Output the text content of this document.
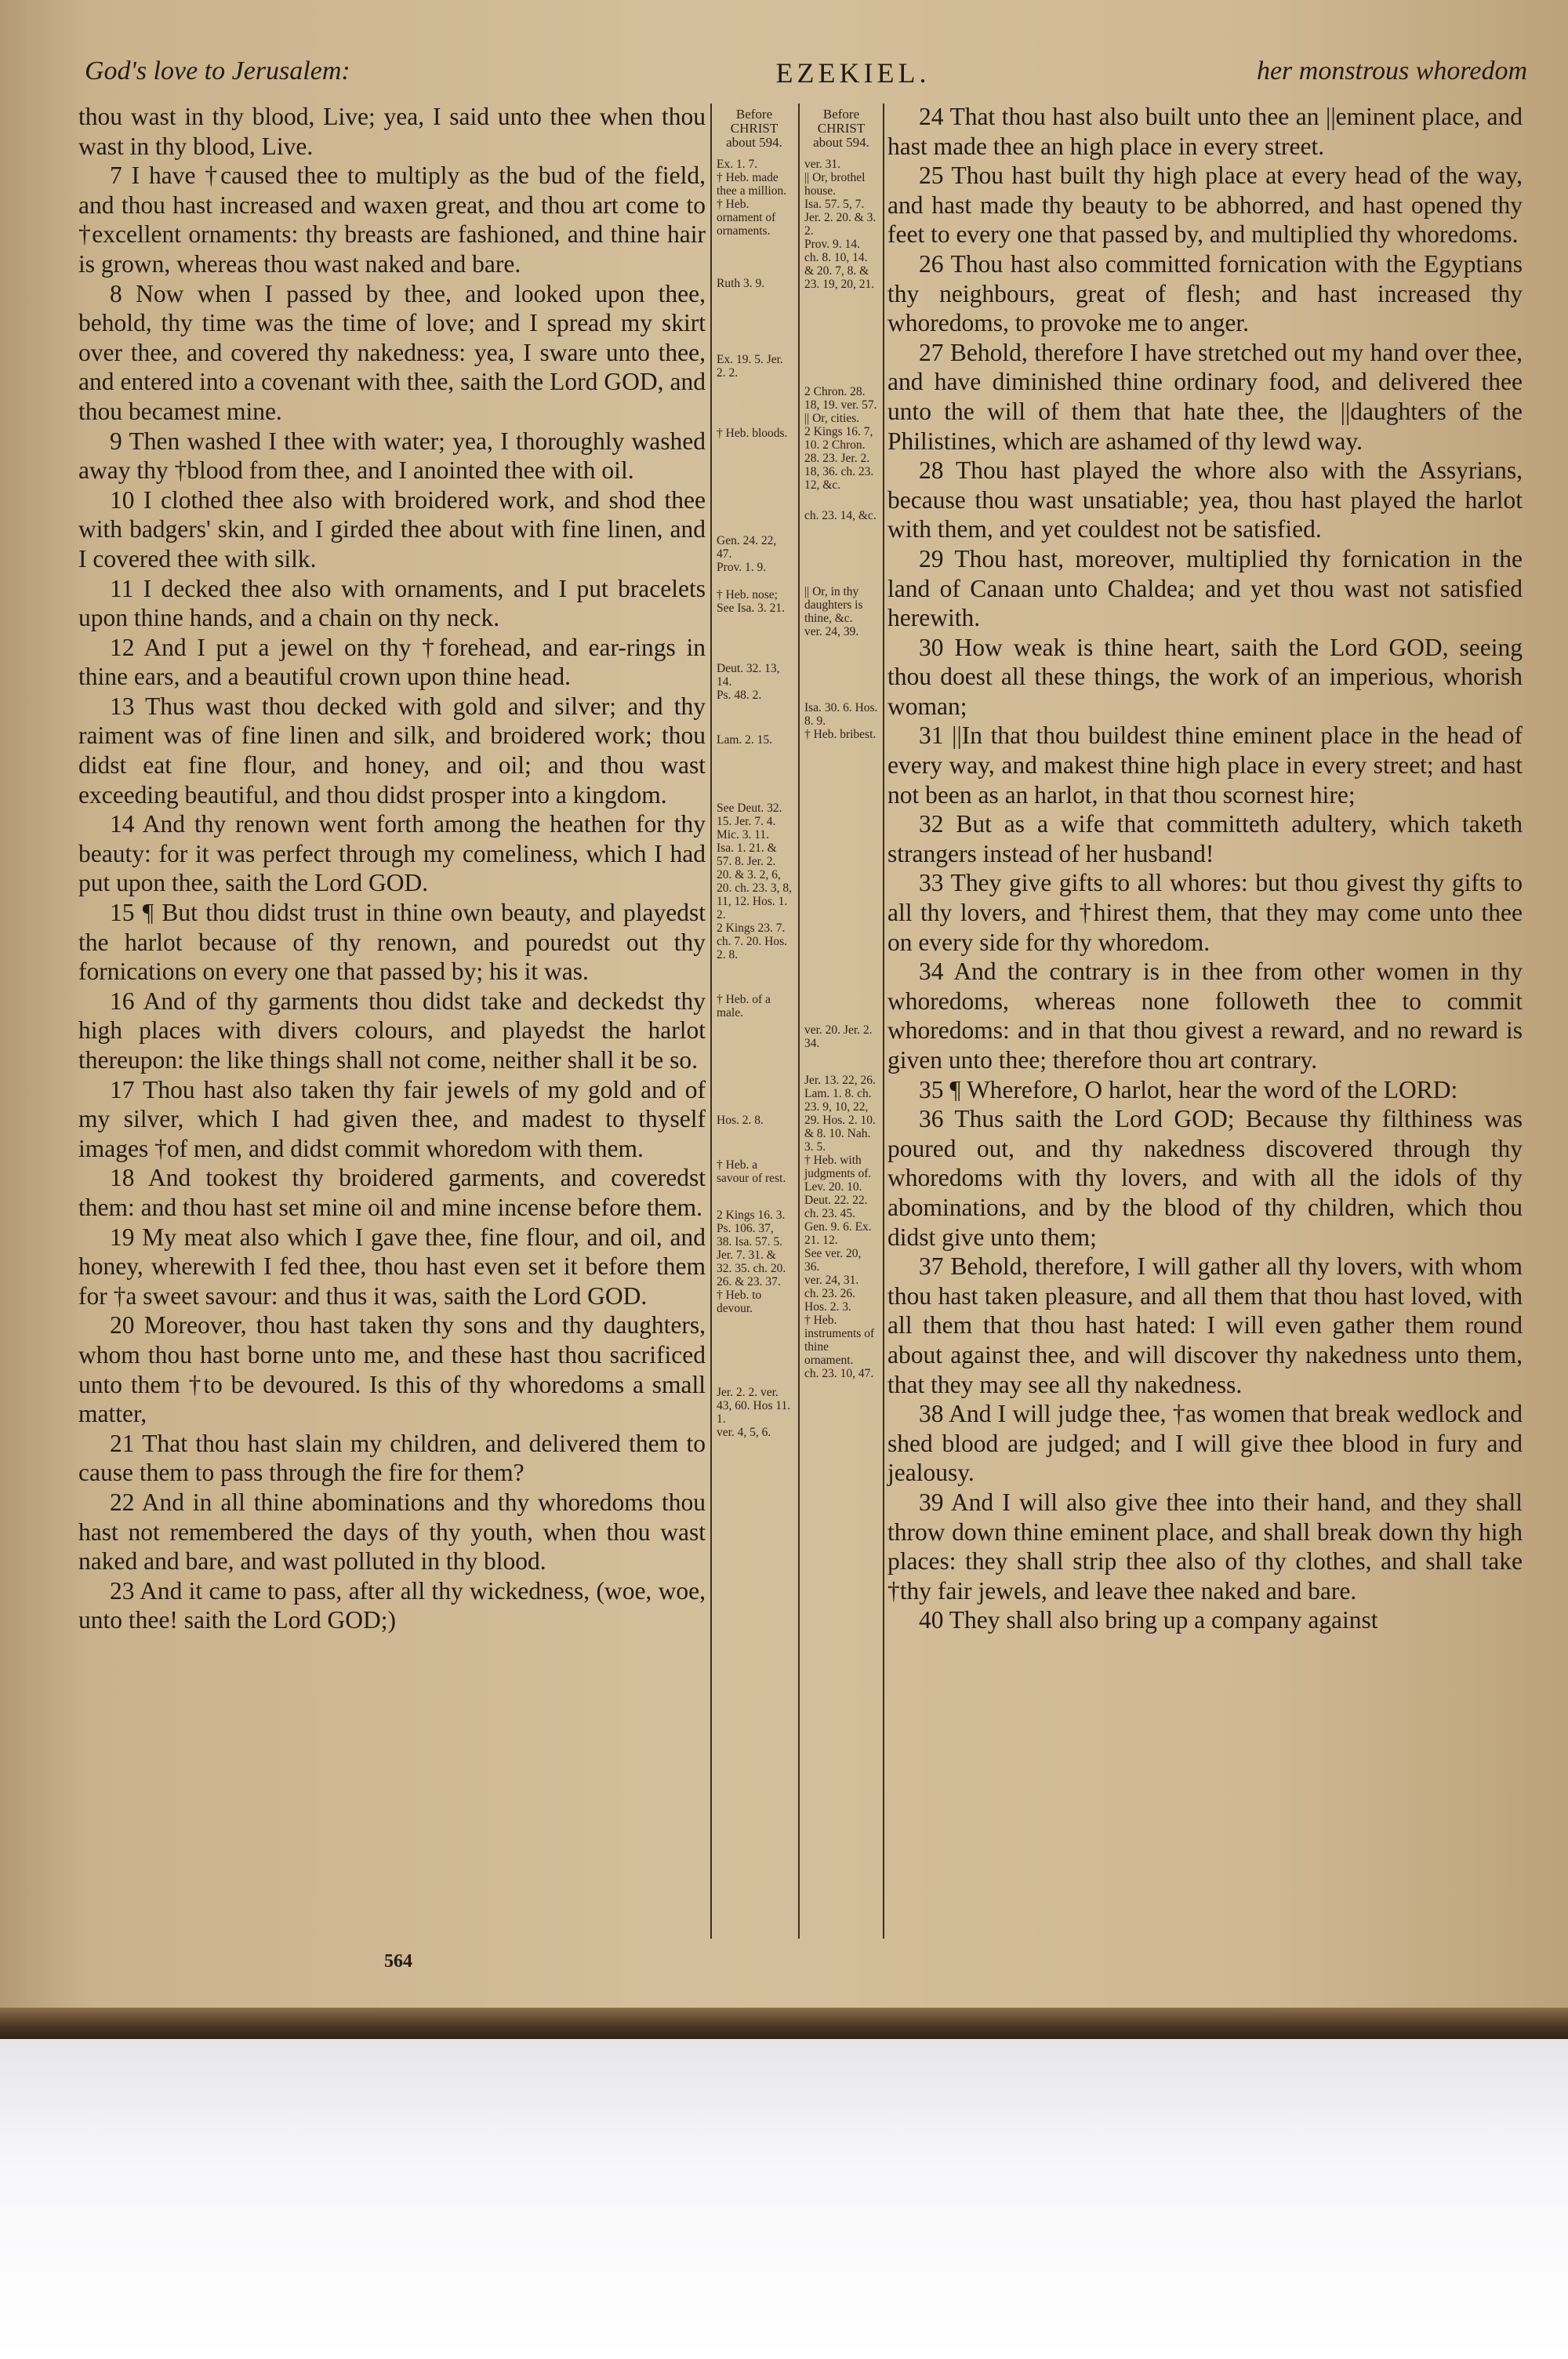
God's love to Jerusalem:	EZEKIEL.	her monstrous whoredom

thou wast in thy blood, Live; yea, I said unto thee when thou wast in thy blood, Live.

7 I have †caused thee to multiply as the bud of the field, and thou hast increased and waxen great, and thou art come to †excellent ornaments: thy breasts are fashioned, and thine hair is grown, whereas thou wast naked and bare.

8 Now when I passed by thee, and looked upon thee, behold, thy time was the time of love; and I spread my skirt over thee, and covered thy nakedness: yea, I sware unto thee, and entered into a covenant with thee, saith the Lord GOD, and thou becamest mine.

9 Then washed I thee with water; yea, I thoroughly washed away thy †blood from thee, and I anointed thee with oil.

10 I clothed thee also with broidered work, and shod thee with badgers' skin, and I girded thee about with fine linen, and I covered thee with silk.

11 I decked thee also with ornaments, and I put bracelets upon thine hands, and a chain on thy neck.

12 And I put a jewel on thy †forehead, and ear-rings in thine ears, and a beautiful crown upon thine head.

13 Thus wast thou decked with gold and silver; and thy raiment was of fine linen and silk, and broidered work; thou didst eat fine flour, and honey, and oil; and thou wast exceeding beautiful, and thou didst prosper into a kingdom.

14 And thy renown went forth among the heathen for thy beauty: for it was perfect through my comeliness, which I had put upon thee, saith the Lord GOD.

15 ¶ But thou didst trust in thine own beauty, and playedst the harlot because of thy renown, and pouredst out thy fornications on every one that passed by; his it was.

16 And of thy garments thou didst take and deckedst thy high places with divers colours, and playedst the harlot thereupon: the like things shall not come, neither shall it be so.

17 Thou hast also taken thy fair jewels of my gold and of my silver, which I had given thee, and madest to thyself images †of men, and didst commit whoredom with them.

18 And tookest thy broidered garments, and coveredst them: and thou hast set mine oil and mine incense before them.

19 My meat also which I gave thee, fine flour, and oil, and honey, wherewith I fed thee, thou hast even set it before them for †a sweet savour: and thus it was, saith the Lord GOD.

20 Moreover, thou hast taken thy sons and thy daughters, whom thou hast borne unto me, and these hast thou sacrificed unto them †to be devoured. Is this of thy whoredoms a small matter,

21 That thou hast slain my children, and delivered them to cause them to pass through the fire for them?

22 And in all thine abominations and thy whoredoms thou hast not remembered the days of thy youth, when thou wast naked and bare, and wast polluted in thy blood.

23 And it came to pass, after all thy wickedness, (woe, woe, unto thee! saith the Lord GOD;)

Before CHRIST about 594.

Ex. 1. 7.

† Heb. made thee a million.

† Heb. ornament of ornaments.

Ruth 3. 9.

Ex. 19. 5. Jer. 2. 2.

† Heb. bloods.

Gen. 24. 22, 47.

Prov. 1. 9.

† Heb. nose; See Isa. 3. 21.

Deut. 32. 13, 14.

Ps. 48. 2.

Lam. 2. 15.

See Deut. 32. 15. Jer. 7. 4. Mic. 3. 11.

Isa. 1. 21. & 57. 8. Jer. 2. 20. & 3. 2, 6, 20. ch. 23. 3, 8, 11, 12. Hos. 1. 2.

2 Kings 23. 7. ch. 7. 20. Hos. 2. 8.

† Heb. of a male.

Hos. 2. 8.

† Heb. a savour of rest.

2 Kings 16. 3. Ps. 106. 37, 38. Isa. 57. 5. Jer. 7. 31. & 32. 35. ch. 20. 26. & 23. 37.

† Heb. to devour.

Jer. 2. 2. ver. 43, 60. Hos 11. 1.

ver. 4, 5, 6.

Before CHRIST about 594.

ver. 31.

|| Or, brothel house.

Isa. 57. 5, 7. Jer. 2. 20. & 3. 2.

Prov. 9. 14.

ch. 8. 10, 14. & 20. 7, 8. & 23. 19, 20, 21.

2 Chron. 28. 18, 19. ver. 57.

|| Or, cities.

2 Kings 16. 7, 10. 2 Chron. 28. 23. Jer. 2. 18, 36. ch. 23. 12, &c.

ch. 23. 14, &c.

|| Or, in thy daughters is thine, &c.

ver. 24, 39.

Isa. 30. 6. Hos. 8. 9.

† Heb. bribest.

ver. 20. Jer. 2. 34.

Jer. 13. 22, 26. Lam. 1. 8. ch. 23. 9, 10, 22, 29. Hos. 2. 10. & 8. 10. Nah. 3. 5.

† Heb. with judgments of.

Lev. 20. 10. Deut. 22. 22. ch. 23. 45.

Gen. 9. 6. Ex. 21. 12.

See ver. 20, 36.

ver. 24, 31.

ch. 23. 26. Hos. 2. 3.

† Heb. instruments of thine ornament.

ch. 23. 10, 47.

24 That thou hast also built unto thee an ||eminent place, and hast made thee an high place in every street.

25 Thou hast built thy high place at every head of the way, and hast made thy beauty to be abhorred, and hast opened thy feet to every one that passed by, and multiplied thy whoredoms.

26 Thou hast also committed fornication with the Egyptians thy neighbours, great of flesh; and hast increased thy whoredoms, to provoke me to anger.

27 Behold, therefore I have stretched out my hand over thee, and have diminished thine ordinary food, and delivered thee unto the will of them that hate thee, the ||daughters of the Philistines, which are ashamed of thy lewd way.

28 Thou hast played the whore also with the Assyrians, because thou wast unsatiable; yea, thou hast played the harlot with them, and yet couldest not be satisfied.

29 Thou hast, moreover, multiplied thy fornication in the land of Canaan unto Chaldea; and yet thou wast not satisfied herewith.

30 How weak is thine heart, saith the Lord GOD, seeing thou doest all these things, the work of an imperious, whorish woman;

31 ||In that thou buildest thine eminent place in the head of every way, and makest thine high place in every street; and hast not been as an harlot, in that thou scornest hire;

32 But as a wife that committeth adultery, which taketh strangers instead of her husband!

33 They give gifts to all whores: but thou givest thy gifts to all thy lovers, and †hirest them, that they may come unto thee on every side for thy whoredom.

34 And the contrary is in thee from other women in thy whoredoms, whereas none followeth thee to commit whoredoms: and in that thou givest a reward, and no reward is given unto thee; therefore thou art contrary.

35 ¶ Wherefore, O harlot, hear the word of the LORD:

36 Thus saith the Lord GOD; Because thy filthiness was poured out, and thy nakedness discovered through thy whoredoms with thy lovers, and with all the idols of thy abominations, and by the blood of thy children, which thou didst give unto them;

37 Behold, therefore, I will gather all thy lovers, with whom thou hast taken pleasure, and all them that thou hast loved, with all them that thou hast hated: I will even gather them round about against thee, and will discover thy nakedness unto them, that they may see all thy nakedness.

38 And I will judge thee, †as women that break wedlock and shed blood are judged; and I will give thee blood in fury and jealousy.

39 And I will also give thee into their hand, and they shall throw down thine eminent place, and shall break down thy high places: they shall strip thee also of thy clothes, and shall take †thy fair jewels, and leave thee naked and bare.

40 They shall also bring up a company against

564
